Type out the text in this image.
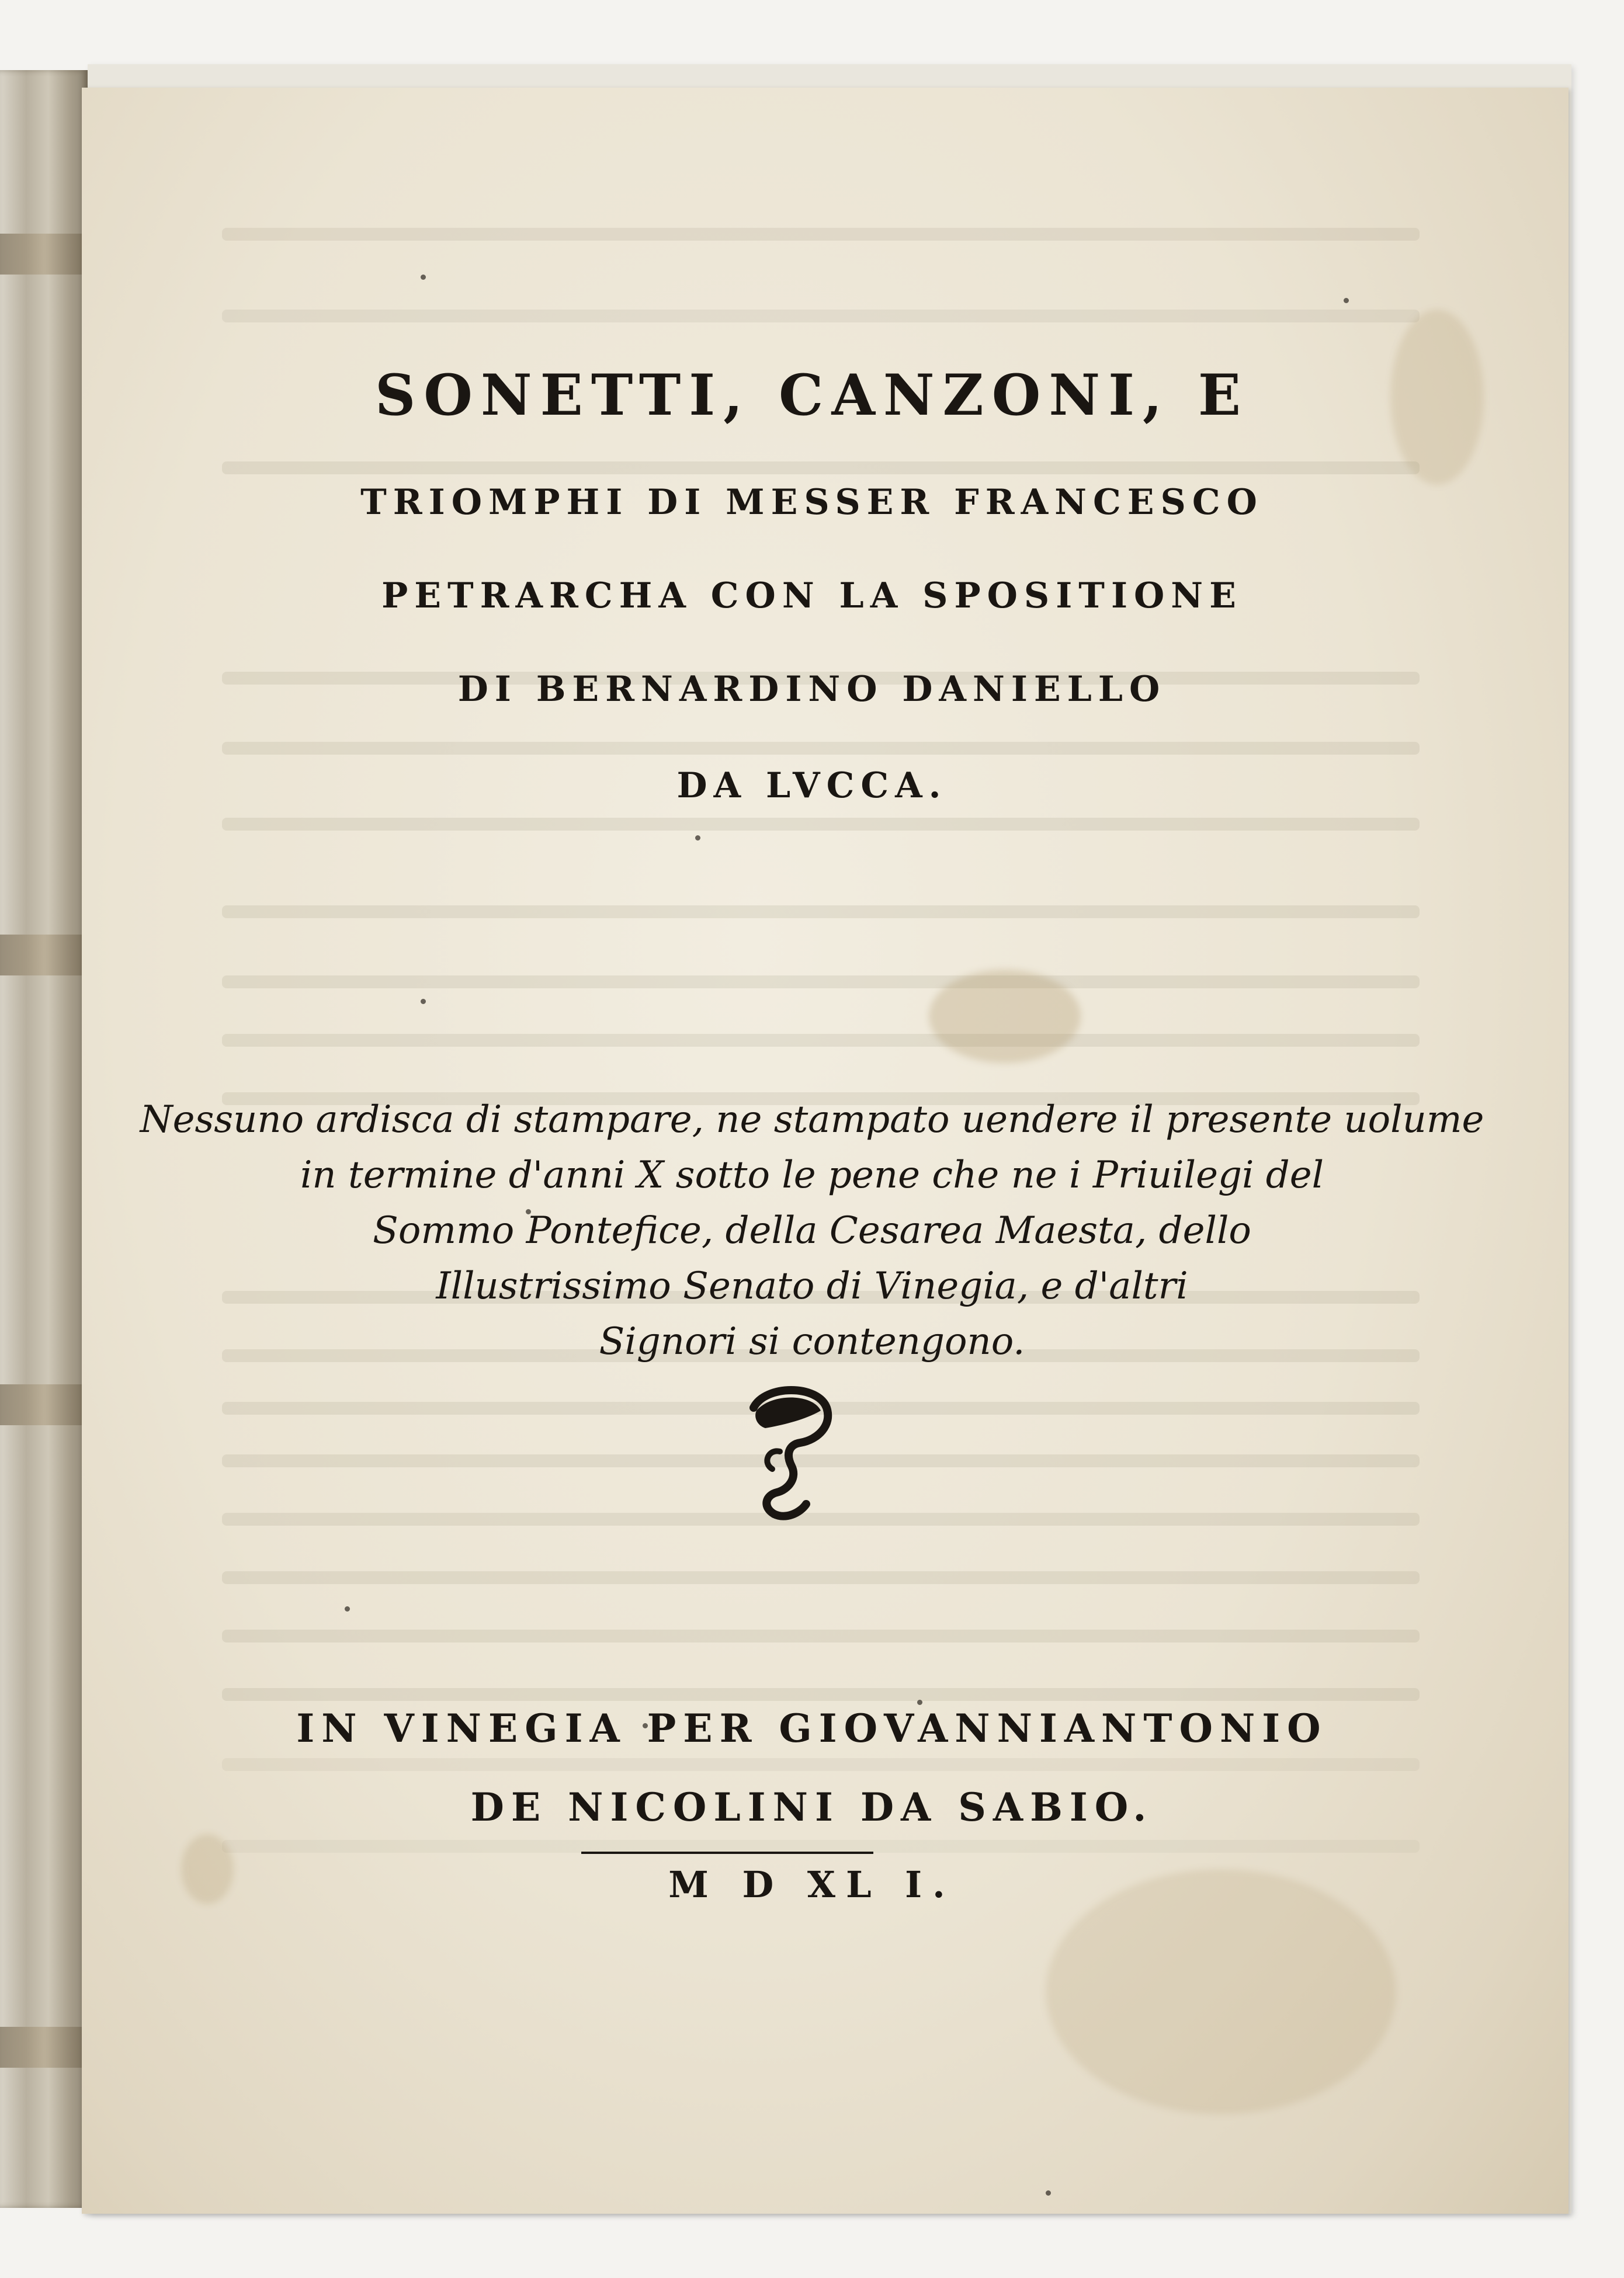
SONETTI, CANZONI, E
TRIOMPHI DI MESSER FRANCESCO
PETRARCHA CON LA SPOSITIONE
DI BERNARDINO DANIELLO
DA LVCCA.
Nessuno ardisca di stampare, ne stampato uendere il presente uolume
in termine d'anni X sotto le pene che ne i Priuilegi del
Sommo Pontefice, della Cesarea Maesta, dello
Illustrissimo Senato di Vinegia, e d'altri
Signori si contengono.
IN VINEGIA PER GIOVANNIANTONIO
DE NICOLINI DA SABIO.
M D XL I.
